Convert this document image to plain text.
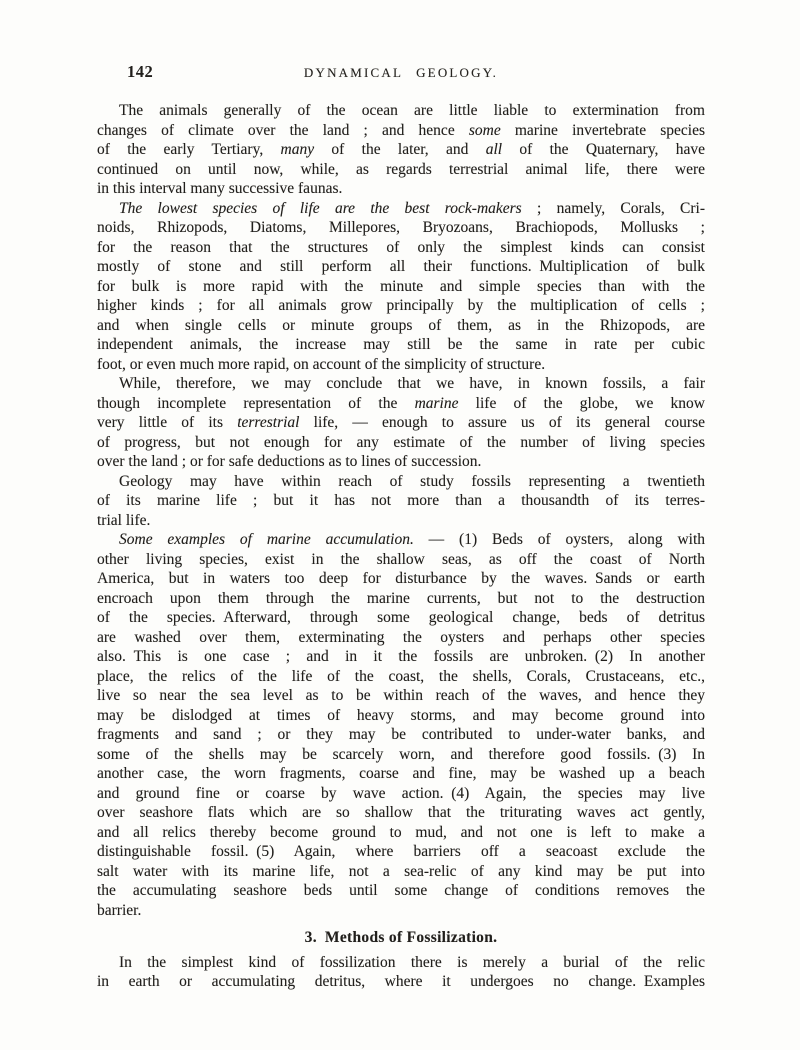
142	DYNAMICAL GEOLOGY.
The animals generally of the ocean are little liable to extermination from
changes of climate over the land ; and hence some marine invertebrate species
of the early Tertiary, many of the later, and all of the Quaternary, have
continued on until now, while, as regards terrestrial animal life, there were
in this interval many successive faunas.
The lowest species of life are the best rock-makers ; namely, Corals, Cri-
noids, Rhizopods, Diatoms, Millepores, Bryozoans, Brachiopods, Mollusks ;
for the reason that the structures of only the simplest kinds can consist
mostly of stone and still perform all their functions. Multiplication of bulk
for bulk is more rapid with the minute and simple species than with the
higher kinds ; for all animals grow principally by the multiplication of cells ;
and when single cells or minute groups of them, as in the Rhizopods, are
independent animals, the increase may still be the same in rate per cubic
foot, or even much more rapid, on account of the simplicity of structure.
While, therefore, we may conclude that we have, in known fossils, a fair
though incomplete representation of the marine life of the globe, we know
very little of its terrestrial life, — enough to assure us of its general course
of progress, but not enough for any estimate of the number of living species
over the land ; or for safe deductions as to lines of succession.
Geology may have within reach of study fossils representing a twentieth
of its marine life ; but it has not more than a thousandth of its terres-
trial life.
Some examples of marine accumulation. — (1) Beds of oysters, along with
other living species, exist in the shallow seas, as off the coast of North
America, but in waters too deep for disturbance by the waves. Sands or earth
encroach upon them through the marine currents, but not to the destruction
of the species. Afterward, through some geological change, beds of detritus
are washed over them, exterminating the oysters and perhaps other species
also. This is one case ; and in it the fossils are unbroken. (2) In another
place, the relics of the life of the coast, the shells, Corals, Crustaceans, etc.,
live so near the sea level as to be within reach of the waves, and hence they
may be dislodged at times of heavy storms, and may become ground into
fragments and sand ; or they may be contributed to under-water banks, and
some of the shells may be scarcely worn, and therefore good fossils. (3) In
another case, the worn fragments, coarse and fine, may be washed up a beach
and ground fine or coarse by wave action. (4) Again, the species may live
over seashore flats which are so shallow that the triturating waves act gently,
and all relics thereby become ground to mud, and not one is left to make a
distinguishable fossil. (5) Again, where barriers off a seacoast exclude the
salt water with its marine life, not a sea-relic of any kind may be put into
the accumulating seashore beds until some change of conditions removes the
barrier.
3. Methods of Fossilization.
In the simplest kind of fossilization there is merely a burial of the relic
in earth or accumulating detritus, where it undergoes no change. Examples
